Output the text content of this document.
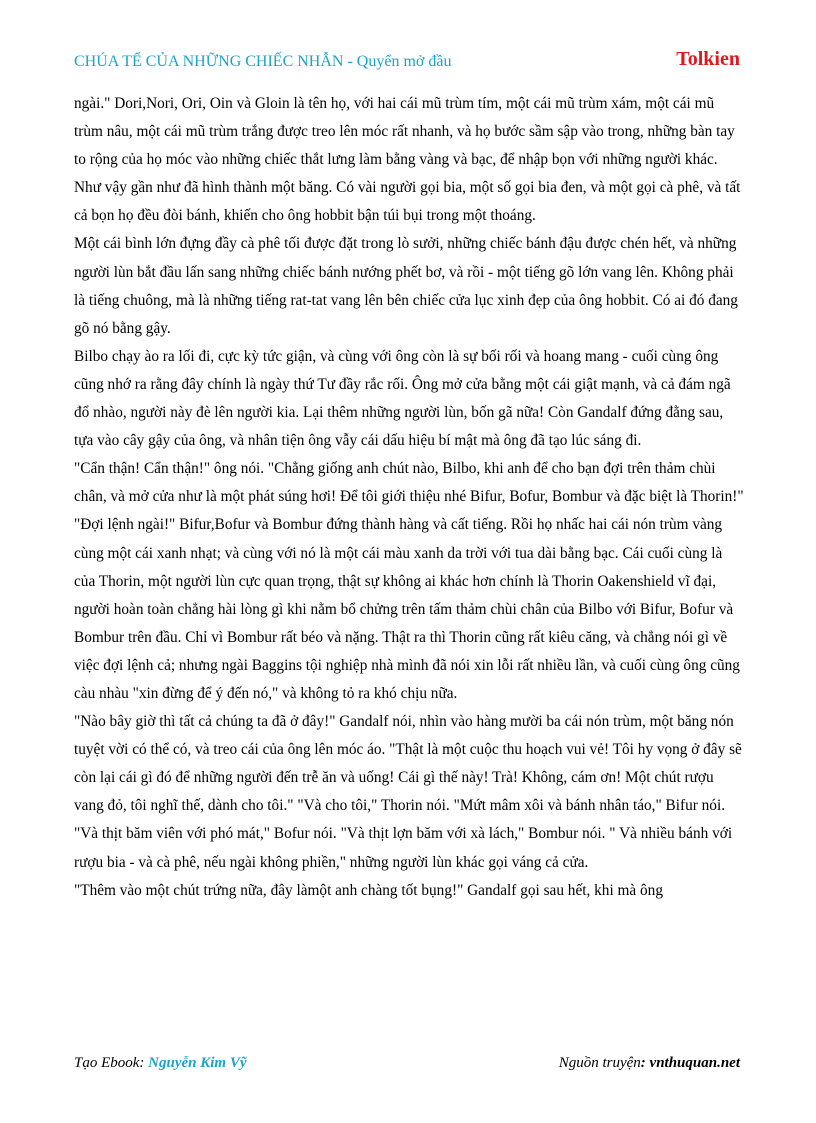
CHÚA TỂ CỦA NHỮNG CHIẾC NHẪN - Quyển mở đầu	Tolkien

ngài." Dori,Nori, Ori, Oin và Gloin là tên họ, với hai cái mũ trùm tím, một cái mũ trùm xám, một cái mũ trùm nâu, một cái mũ trùm trắng được treo lên móc rất nhanh, và họ bước sầm sập vào trong, những bàn tay to rộng của họ móc vào những chiếc thắt lưng làm bằng vàng và bạc, để nhập bọn với những người khác. Như vậy gần như đã hình thành một băng. Có vài người gọi bia, một số gọi bia đen, và một gọi cà phê, và tất cả bọn họ đều đòi bánh, khiến cho ông hobbit bận túi bụi trong một thoáng.

Một cái bình lớn đựng đầy cà phê tối được đặt trong lò sưởi, những chiếc bánh đậu được chén hết, và những người lùn bắt đầu lấn sang những chiếc bánh nướng phết bơ, và rồi - một tiếng gõ lớn vang lên. Không phải là tiếng chuông, mà là những tiếng rat-tat vang lên bên chiếc cửa lục xinh đẹp của ông hobbit. Có ai đó đang gõ nó bằng gậy.

Bilbo chạy ào ra lối đi, cực kỳ tức giận, và cùng với ông còn là sự bối rối và hoang mang - cuối cùng ông cũng nhớ ra rằng đây chính là ngày thứ Tư đầy rắc rối. Ông mở cửa bằng một cái giật mạnh, và cả đám ngã đổ nhào, người này đè lên người kia. Lại thêm những người lùn, bốn gã nữa! Còn Gandalf đứng đằng sau, tựa vào cây gậy của ông, và nhân tiện ông vẫy cái dấu hiệu bí mật mà ông đã tạo lúc sáng đi.

"Cẩn thận! Cẩn thận!" ông nói. "Chẳng giống anh chút nào, Bilbo, khi anh để cho bạn đợi trên thảm chùi chân, và mở cửa như là một phát súng hơi! Để tôi giới thiệu nhé Bifur, Bofur, Bombur và đặc biệt là Thorin!"

"Đợi lệnh ngài!" Bifur,Bofur và Bombur đứng thành hàng và cất tiếng. Rồi họ nhấc hai cái nón trùm vàng cùng một cái xanh nhạt; và cùng với nó là một cái màu xanh da trời với tua dài bằng bạc. Cái cuối cùng là của Thorin, một người lùn cực quan trọng, thật sự không ai khác hơn chính là Thorin Oakenshield vĩ đại, người hoàn toàn chẳng hài lòng gì khi nằm bổ chửng trên tấm thảm chùi chân của Bilbo với Bifur, Bofur và Bombur trên đầu. Chỉ vì Bombur rất béo và nặng. Thật ra thì Thorin cũng rất kiêu căng, và chẳng nói gì về việc đợi lệnh cả; nhưng ngài Baggins tội nghiệp nhà mình đã nói xin lỗi rất nhiều lần, và cuối cùng ông cũng càu nhàu "xin đừng để ý đến nó," và không tỏ ra khó chịu nữa.

"Nào bây giờ thì tất cả chúng ta đã ở đây!" Gandalf nói, nhìn vào hàng mười ba cái nón trùm, một băng nón tuyệt vời có thể có, và treo cái của ông lên móc áo. "Thật là một cuộc thu hoạch vui vẻ! Tôi hy vọng ở đây sẽ còn lại cái gì đó để những người đến trễ ăn và uống! Cái gì thế này! Trà! Không, cám ơn! Một chút rượu vang đỏ, tôi nghĩ thế, dành cho tôi." "Và cho tôi," Thorin nói. "Mứt mâm xôi và bánh nhân táo," Bifur nói. "Và thịt băm viên với phó mát," Bofur nói. "Và thịt lợn băm với xà lách," Bombur nói. " Và nhiều bánh với rượu bia - và cà phê, nếu ngài không phiền," những người lùn khác gọi váng cả cửa.

"Thêm vào một chút trứng nữa, đây làmột anh chàng tốt bụng!" Gandalf gọi sau hết, khi mà ông

Tạo Ebook: Nguyễn Kim Vỹ	Nguồn truyện: vnthuquan.net
